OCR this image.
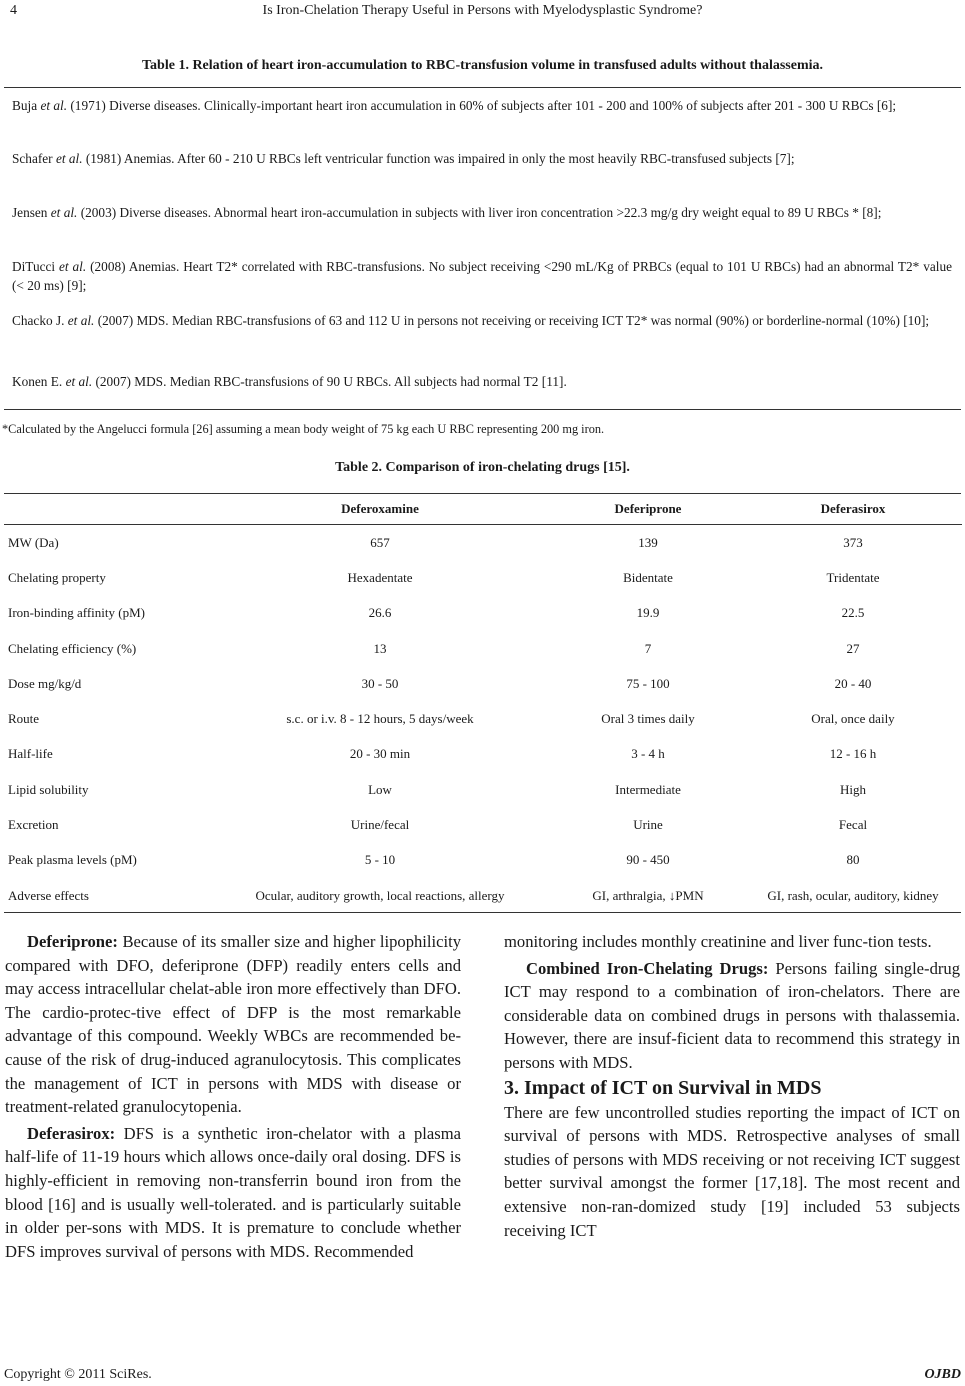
4	Is Iron-Chelation Therapy Useful in Persons with Myelodysplastic Syndrome?
Table 1. Relation of heart iron-accumulation to RBC-transfusion volume in transfused adults without thalassemia.
Buja et al. (1971) Diverse diseases. Clinically-important heart iron accumulation in 60% of subjects after 101 - 200 and 100% of subjects after 201 - 300 U RBCs [6];
Schafer et al. (1981) Anemias. After 60 - 210 U RBCs left ventricular function was impaired in only the most heavily RBC-transfused subjects [7];
Jensen et al. (2003) Diverse diseases. Abnormal heart iron-accumulation in subjects with liver iron concentration >22.3 mg/g dry weight equal to 89 U RBCs * [8];
DiTucci et al. (2008) Anemias. Heart T2* correlated with RBC-transfusions. No subject receiving <290 mL/Kg of PRBCs (equal to 101 U RBCs) had an abnormal T2* value (< 20 ms) [9];
Chacko J. et al. (2007) MDS. Median RBC-transfusions of 63 and 112 U in persons not receiving or receiving ICT T2* was normal (90%) or borderline-normal (10%) [10];
Konen E. et al. (2007) MDS. Median RBC-transfusions of 90 U RBCs. All subjects had normal T2 [11].
*Calculated by the Angelucci formula [26] assuming a mean body weight of 75 kg each U RBC representing 200 mg iron.
Table 2. Comparison of iron-chelating drugs [15].
	Deferoxamine	Deferiprone	Deferasirox
MW (Da)	657	139	373
Chelating property	Hexadentate	Bidentate	Tridentate
Iron-binding affinity (pM)	26.6	19.9	22.5
Chelating efficiency (%)	13	7	27
Dose mg/kg/d	30 - 50	75 - 100	20 - 40
Route	s.c. or i.v. 8 - 12 hours, 5 days/week	Oral 3 times daily	Oral, once daily
Half-life	20 - 30 min	3 - 4 h	12 - 16 h
Lipid solubility	Low	Intermediate	High
Excretion	Urine/fecal	Urine	Fecal
Peak plasma levels (pM)	5 - 10	90 - 450	80
Adverse effects	Ocular, auditory growth, local reactions, allergy	GI, arthralgia, ↓PMN	GI, rash, ocular, auditory, kidney

Deferiprone: Because of its smaller size and higher lipophilicity compared with DFO, deferiprone (DFP) readily enters cells and may access intracellular chelat-able iron more effectively than DFO. The cardio-protec-tive effect of DFP is the most remarkable advantage of this compound. Weekly WBCs are recommended be-cause of the risk of drug-induced agranulocytosis. This complicates the management of ICT in persons with MDS with disease or treatment-related granulocytopenia.

Deferasirox: DFS is a synthetic iron-chelator with a plasma half-life of 11-19 hours which allows once-daily oral dosing. DFS is highly-efficient in removing non-transferrin bound iron from the blood [16] and is usually well-tolerated. and is particularly suitable in older per-sons with MDS. It is premature to conclude whether DFS improves survival of persons with MDS. Recommended

monitoring includes monthly creatinine and liver func-tion tests.

Combined Iron-Chelating Drugs: Persons failing single-drug ICT may respond to a combination of iron-chelators. There are considerable data on combined drugs in persons with thalassemia. However, there are insuf-ficient data to recommend this strategy in persons with MDS.

3. Impact of ICT on Survival in MDS

There are few uncontrolled studies reporting the impact of ICT on survival of persons with MDS. Retrospective analyses of small studies of persons with MDS receiving or not receiving ICT suggest better survival amongst the former [17,18]. The most recent and extensive non-ran-domized study [19] included 53 subjects receiving ICT

Copyright © 2011 SciRes.	OJBD
